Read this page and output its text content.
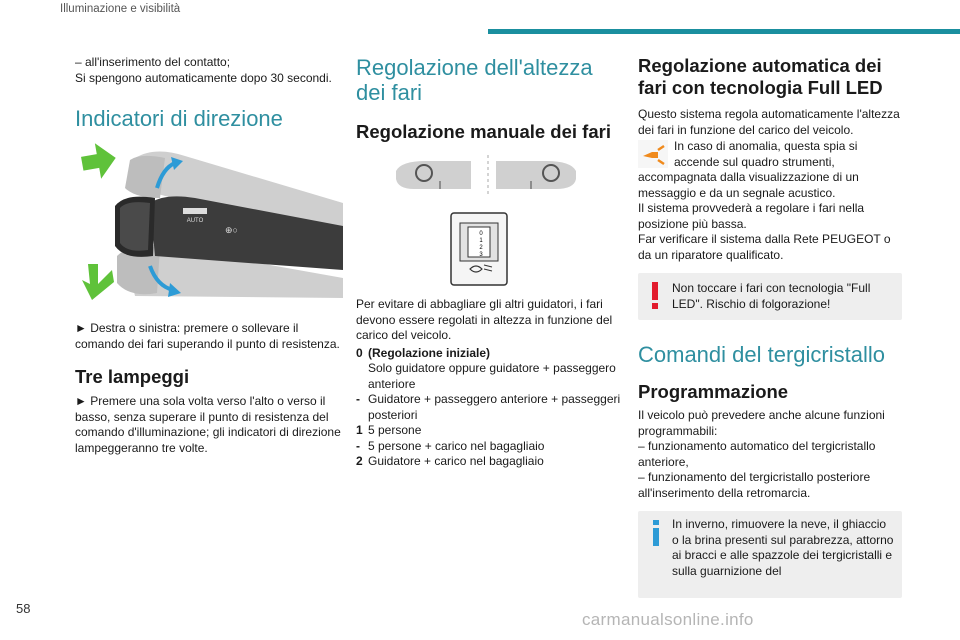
Illuminazione e visibilità

– all'inserimento del contatto;

Si spengono automaticamente dopo 30 secondi.

Indicatori di direzione
AUTO
⊕○

► Destra o sinistra: premere o sollevare il comando dei fari superando il punto di resistenza.

Tre lampeggi

► Premere una sola volta verso l'alto o verso il basso, senza superare il punto di resistenza del comando d'illuminazione; gli indicatori di direzione lampeggeranno tre volte.

Regolazione dell'altezza dei fari
Regolazione manuale dei fari
0
1
2
3

Per evitare di abbagliare gli altri guidatori, i fari devono essere regolati in altezza in funzione del carico del veicolo.

0 (Regolazione iniziale)
Solo guidatore oppure guidatore + passeggero anteriore
- Guidatore + passeggero anteriore + passeggeri posteriori
1 5 persone
- 5 persone + carico nel bagagliaio
2 Guidatore + carico nel bagagliaio
Regolazione automatica dei fari con tecnologia Full LED

Questo sistema regola automaticamente l'altezza dei fari in funzione del carico del veicolo.

In caso di anomalia, questa spia si accende sul quadro strumenti,

accompagnata dalla visualizzazione di un messaggio e da un segnale acustico.

Il sistema provvederà a regolare i fari nella posizione più bassa.

Far verificare il sistema dalla Rete PEUGEOT o da un riparatore qualificato.

Non toccare i fari con tecnologia "Full LED". Rischio di folgorazione!

Comandi del tergicristallo
Programmazione

Il veicolo può prevedere anche alcune funzioni programmabili:

– funzionamento automatico del tergicristallo anteriore,

– funzionamento del tergicristallo posteriore all'inserimento della retromarcia.

In inverno, rimuovere la neve, il ghiaccio o la brina presenti sul parabrezza, attorno ai bracci e alle spazzole dei tergicristalli e sulla guarnizione del

58
carmanualsonline.info
